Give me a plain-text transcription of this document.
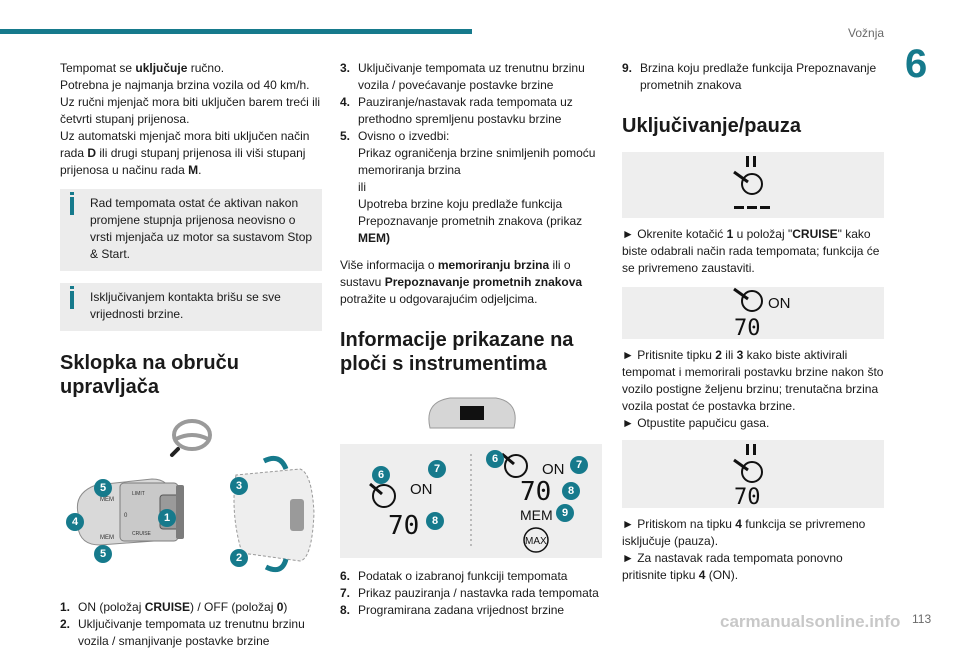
Vožnja
6

Tempomat se uključuje ručno.
Potrebna je najmanja brzina vozila od 40 km/h.
Uz ručni mjenjač mora biti uključen barem treći ili četvrti stupanj prijenosa.
Uz automatski mjenjač mora biti uključen način rada D ili drugi stupanj prijenosa ili viši stupanj prijenosa u načinu rada M.

Rad tempomata ostat će aktivan nakon promjene stupnja prijenosa neovisno o vrsti mjenjača uz motor sa sustavom Stop & Start.

Isključivanjem kontakta brišu se sve vrijednosti brzine.

Sklopka na obruču upravljača
MEM
MEM
LIMIT
CRUISE
0
5
4
5
1
3
2
1. ON (položaj CRUISE) / OFF (položaj 0)
2. Uključivanje tempomata uz trenutnu brzinu vozila / smanjivanje postavke brzine
3. Uključivanje tempomata uz trenutnu brzinu vozila / povećavanje postavke brzine
4. Pauziranje/nastavak rada tempomata uz prethodno spremljenu postavku brzine
5. Ovisno o izvedbi:
Prikaz ograničenja brzine snimljenih pomoću memoriranja brzina
ili
Upotreba brzine koju predlaže funkcija Prepoznavanje prometnih znakova (prikaz MEM)

Više informacija o memoriranju brzina ili o sustavu Prepoznavanje prometnih znakova potražite u odgovarajućim odjeljcima.

Informacije prikazane na ploči s instrumentima
ON
70
ON
70
MEM
MAX
6	7
8
6	7
8
9
6. Podatak o izabranoj funkciji tempomata
7. Prikaz pauziranja / nastavka rada tempomata
8. Programirana zadana vrijednost brzine
9. Brzina koju predlaže funkcija Prepoznavanje prometnih znakova
Uključivanje/pauza

► Okrenite kotačić 1 u položaj "CRUISE" kako biste odabrali način rada tempomata; funkcija će se privremeno zaustaviti.

ON
70

► Pritisnite tipku 2 ili 3 kako biste aktivirali tempomat i memorirali postavku brzine nakon što vozilo postigne željenu brzinu; trenutačna brzina vozila postat će postavka brzine.

► Otpustite papučicu gasa.

70

► Pritiskom na tipku 4 funkcija se privremeno isključuje (pauza).

► Za nastavak rada tempomata ponovno pritisnite tipku 4 (ON).

carmanualsonline.info 113
